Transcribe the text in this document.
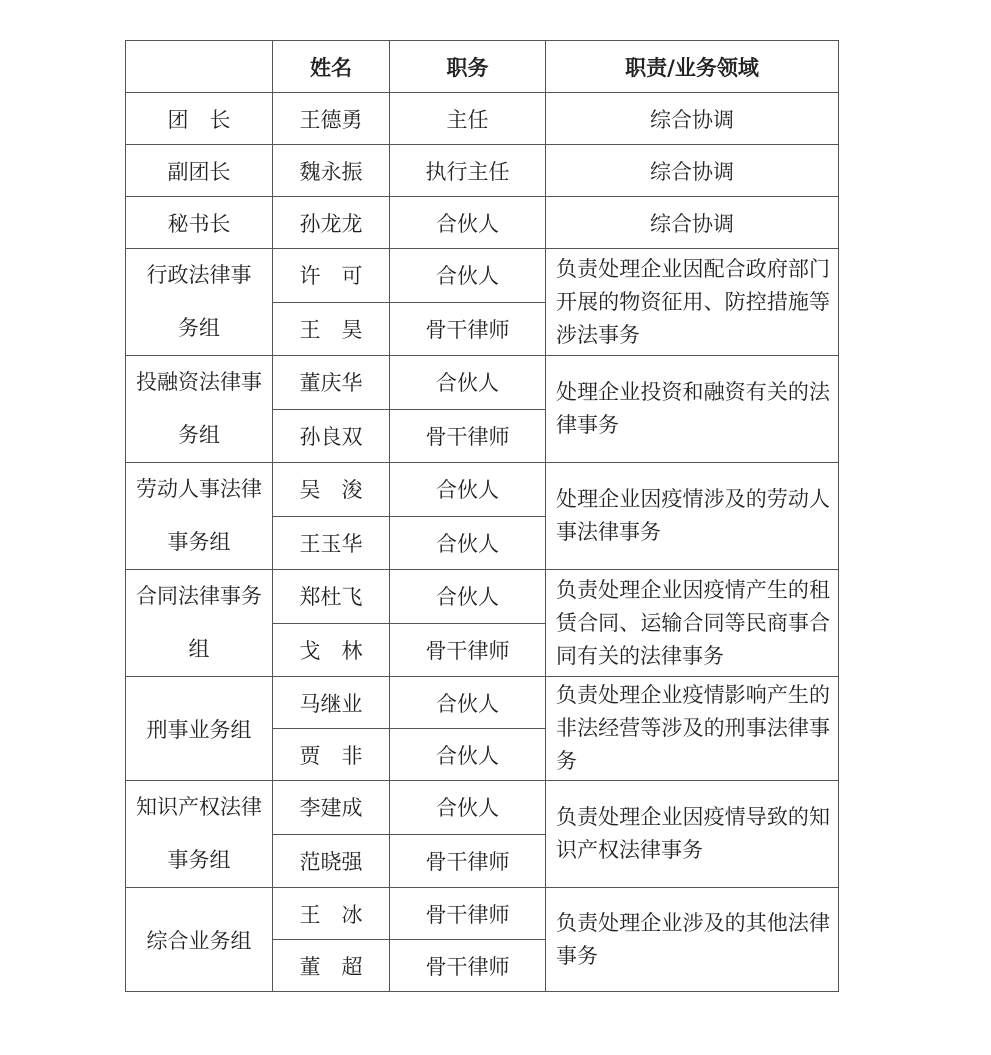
	姓名	职务	职责/业务领域
团　长	王德勇	主任	综合协调
副团长	魏永振	执行主任	综合协调
秘书长	孙龙龙	合伙人	综合协调
行政法律事务组	许　可	合伙人	负责处理企业因配合政府部门开展的物资征用、防控措施等涉法事务
	王　昊	骨干律师	
投融资法律事务组	董庆华	合伙人	处理企业投资和融资有关的法律事务
	孙良双	骨干律师	
劳动人事法律事务组	吴　浚	合伙人	处理企业因疫情涉及的劳动人事法律事务
	王玉华	合伙人	
合同法律事务组	郑杜飞	合伙人	负责处理企业因疫情产生的租赁合同、运输合同等民商事合同有关的法律事务
	戈　林	骨干律师	
刑事业务组	马继业	合伙人	负责处理企业疫情影响产生的非法经营等涉及的刑事法律事务
	贾　非	合伙人	
知识产权法律事务组	李建成	合伙人	负责处理企业因疫情导致的知识产权法律事务
	范晓强	骨干律师	
综合业务组	王　冰	骨干律师	负责处理企业涉及的其他法律事务
	董　超	骨干律师	
